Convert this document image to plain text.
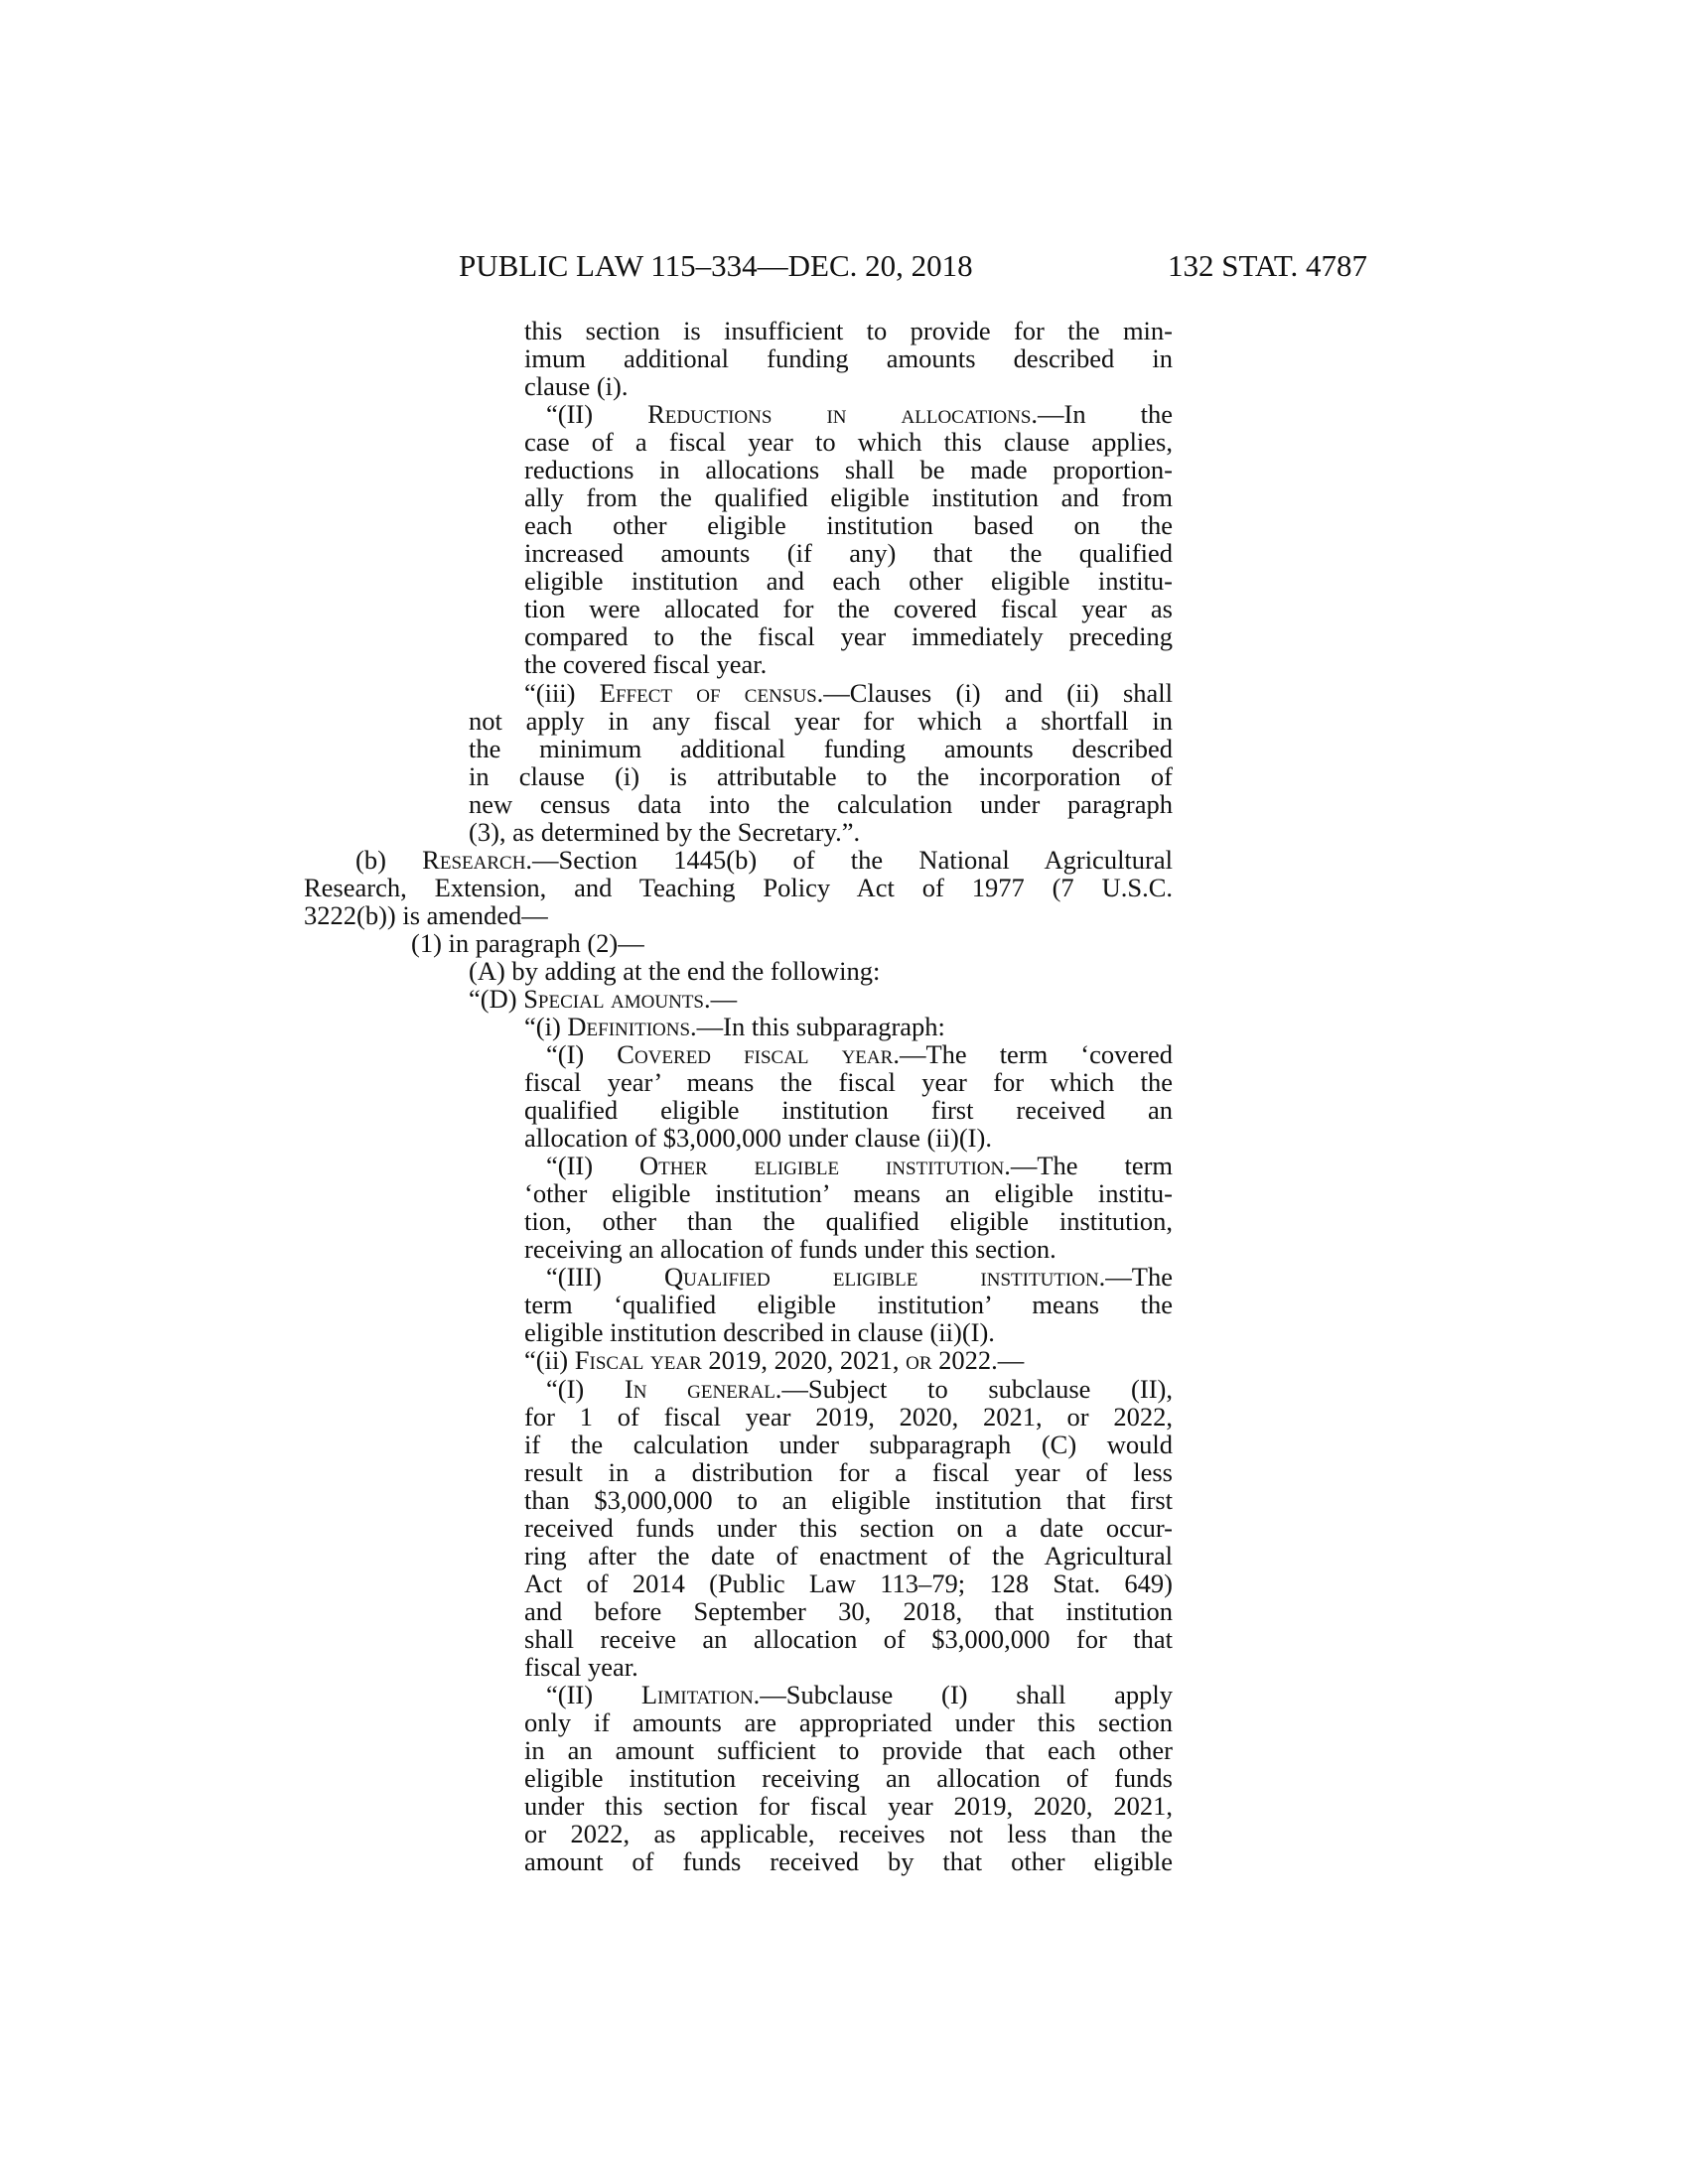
PUBLIC LAW 115–334—DEC. 20, 2018	132 STAT. 4787
this section is insufficient to provide for the min-
imum additional funding amounts described in
clause (i).
“(II) Reductions in allocations.—In the
case of a fiscal year to which this clause applies,
reductions in allocations shall be made proportion-
ally from the qualified eligible institution and from
each other eligible institution based on the
increased amounts (if any) that the qualified
eligible institution and each other eligible institu-
tion were allocated for the covered fiscal year as
compared to the fiscal year immediately preceding
the covered fiscal year.
“(iii) Effect of census.—Clauses (i) and (ii) shall
not apply in any fiscal year for which a shortfall in
the minimum additional funding amounts described
in clause (i) is attributable to the incorporation of
new census data into the calculation under paragraph
(3), as determined by the Secretary.”.
(b) Research.—Section 1445(b) of the National Agricultural
Research, Extension, and Teaching Policy Act of 1977 (7 U.S.C.
3222(b)) is amended—
(1) in paragraph (2)—
(A) by adding at the end the following:
“(D) Special amounts.—
“(i) Definitions.—In this subparagraph:
“(I) Covered fiscal year.—The term ‘covered
fiscal year’ means the fiscal year for which the
qualified eligible institution first received an
allocation of $3,000,000 under clause (ii)(I).
“(II) Other eligible institution.—The term
‘other eligible institution’ means an eligible institu-
tion, other than the qualified eligible institution,
receiving an allocation of funds under this section.
“(III) Qualified eligible institution.—The
term ‘qualified eligible institution’ means the
eligible institution described in clause (ii)(I).
“(ii) Fiscal year 2019, 2020, 2021, or 2022.—
“(I) In general.—Subject to subclause (II),
for 1 of fiscal year 2019, 2020, 2021, or 2022,
if the calculation under subparagraph (C) would
result in a distribution for a fiscal year of less
than $3,000,000 to an eligible institution that first
received funds under this section on a date occur-
ring after the date of enactment of the Agricultural
Act of 2014 (Public Law 113–79; 128 Stat. 649)
and before September 30, 2018, that institution
shall receive an allocation of $3,000,000 for that
fiscal year.
“(II) Limitation.—Subclause (I) shall apply
only if amounts are appropriated under this section
in an amount sufficient to provide that each other
eligible institution receiving an allocation of funds
under this section for fiscal year 2019, 2020, 2021,
or 2022, as applicable, receives not less than the
amount of funds received by that other eligible
